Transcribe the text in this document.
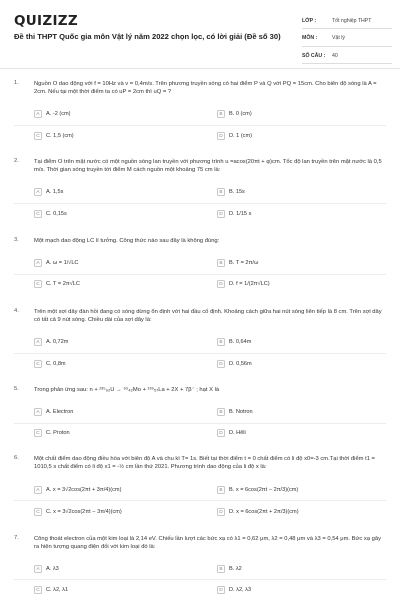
QUIZIZZ
Đề thi THPT Quốc gia môn Vật lý năm 2022 chọn lọc, có lời giải (Đề số 30)
LỚP :	Tốt nghiệp THPT
MÔN :	Vật lý
SỐ CÂU :	40
1.	Nguồn O dao động với f = 10Hz và v = 0,4m/s. Trên phương truyền sóng có hai điểm P và Q với PQ = 15cm. Cho biên độ sóng là A = 2cm. Nếu tại một thời điểm ta có uP = 2cm thì uQ = ?
A	A. -2 (cm)	B	B. 0 (cm)
C	C. 1,5 (cm)	D	D. 1 (cm)
2.	Tại điểm O trên mặt nước có một nguồn sóng lan truyền với phương trình u =acos(20πt + φ)cm. Tốc độ lan truyền trên mặt nước là 0,5 m/s. Thời gian sóng truyền tới điểm M cách nguồn một khoảng 75 cm là:
A	A. 1,5s	B	B. 15s
C	C. 0,15s	D	D. 1/15 s
3.	Một mạch dao động LC lí tưởng. Công thức nào sau đây là không đúng:
A	A. ω = 1/√LC	B	B. T = 2π/ω
C	C. T = 2π√LC	D	D. f = 1/(2π√LC)
4.	Trên một sợi dây đàn hồi đang có sóng dừng ổn định với hai đầu cố định. Khoảng cách giữa hai nút sóng liên tiếp là 8 cm. Trên sợi dây có tất cả 9 nút sóng. Chiều dài của sợi dây là:
A	A. 0,72m	B	B. 0,64m
C	C. 0,8m	D	D. 0,56m
5.	Trong phản ứng sau: n + ²³⁵₉₂U → ⁹⁵₄₂Mo + ¹³⁹₅₇La + 2X + 7β⁻ ; hạt X là
A	A. Electron	B	B. Notron
C	C. Proton	D	D. Hêli
6.	Một chất điểm dao động điều hòa với biên độ A và chu kì T= 1s. Biết tại thời điểm t = 0 chất điểm có li độ x0=-3 cm.Tại thời điểm t1 = 1010,5 s chất điểm có li độ x1 = -½ cm lần thứ 2021. Phương trình dao động của li độ x là:
A	A. x = 3√2cos(2πt + 3π/4)(cm)	B	B. x = 6cos(2πt − 2π/3)(cm)
C	C. x = 3√2cos(2πt − 3π/4)(cm)	D	D. x = 6cos(2πt + 2π/3)(cm)
7.	Công thoát electron của một kim loại là 2,14 eV. Chiếu lần lượt các bức xạ có λ1 = 0,62 μm, λ2 = 0,48 μm và λ3 = 0,54 μm. Bức xạ gây ra hiện tượng quang điện đối với kim loại đó là:
A	A. λ3	B	B. λ2
C	C. λ2, λ1	D	D. λ2, λ3
